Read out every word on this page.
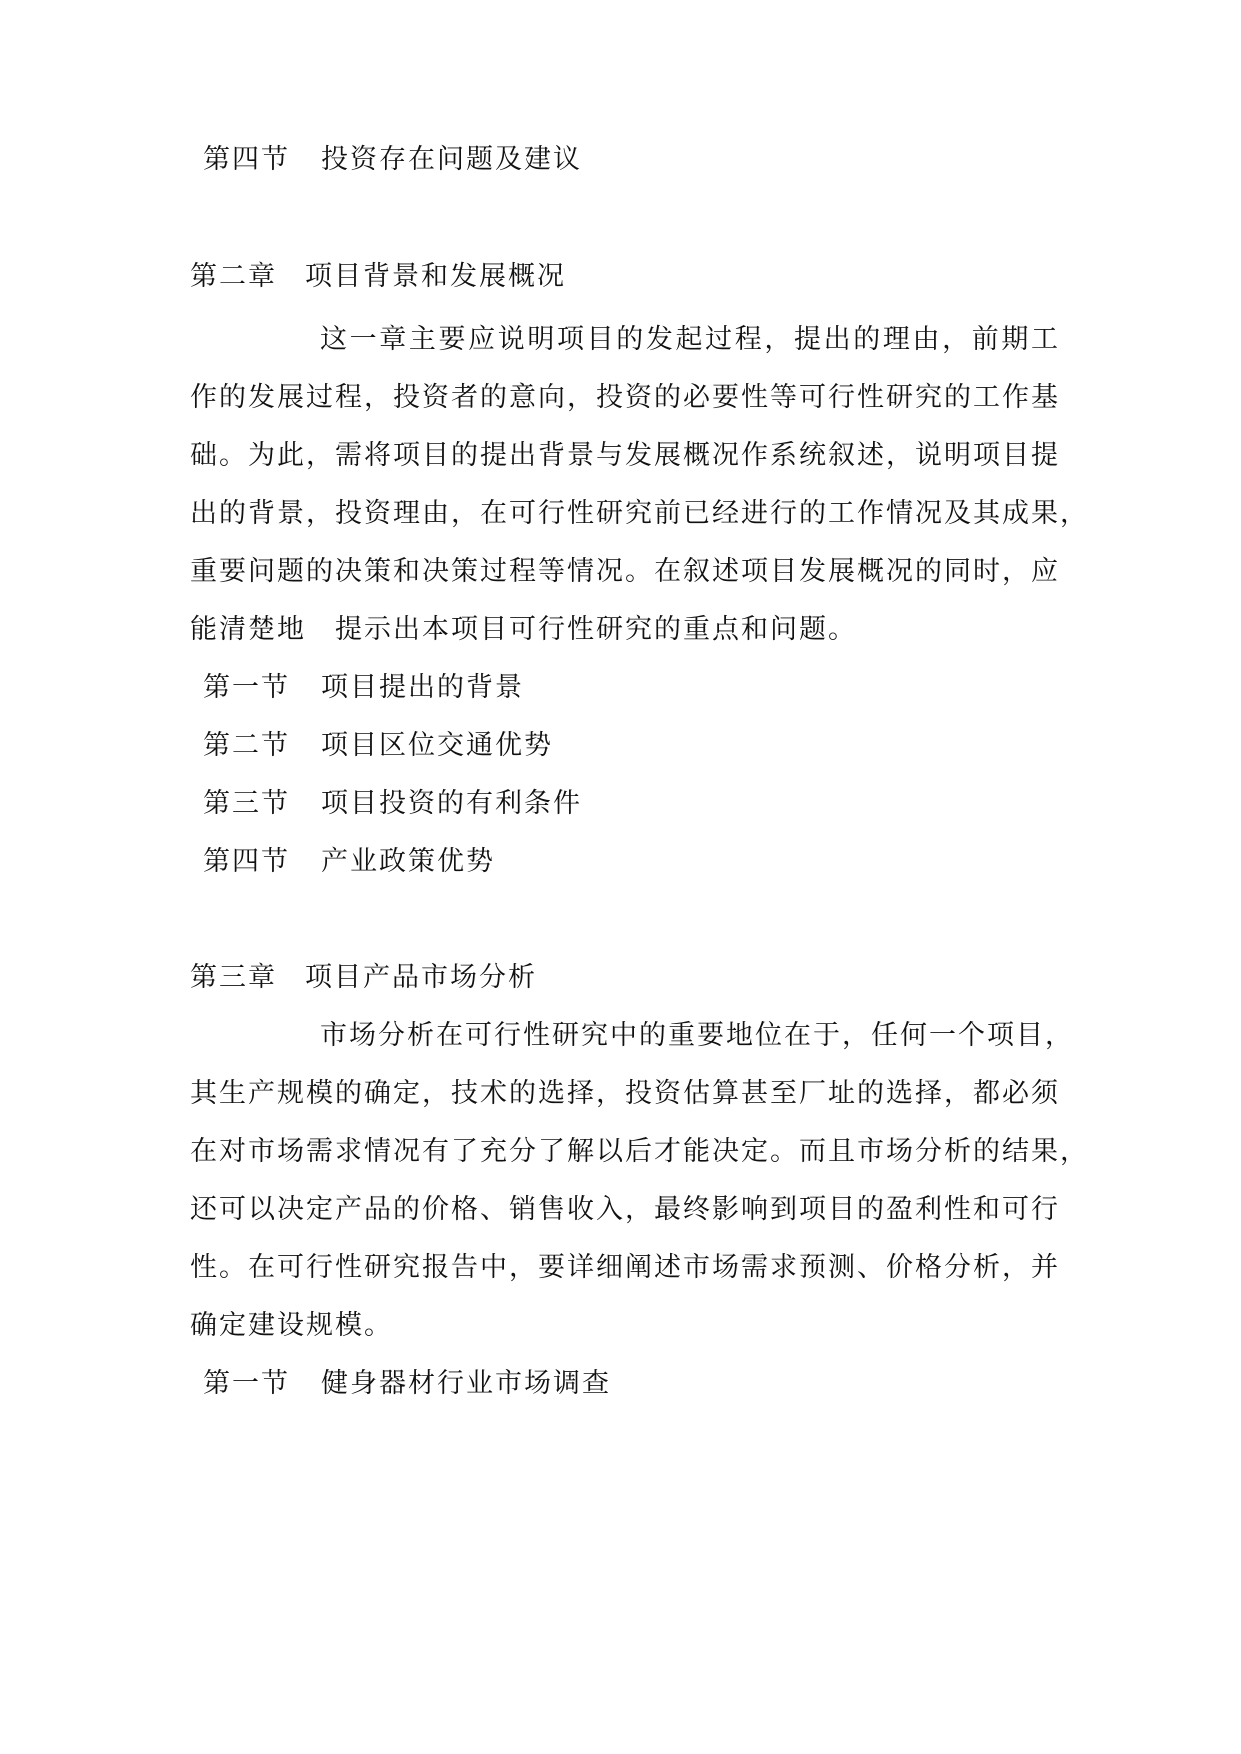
第四节 投资存在问题及建议
第二章 项目背景和发展概况
这一章主要应说明项目的发起过程，提出的理由，前期工
作的发展过程，投资者的意向，投资的必要性等可行性研究的工作基
础。为此，需将项目的提出背景与发展概况作系统叙述，说明项目提
出的背景，投资理由，在可行性研究前已经进行的工作情况及其成果，
重要问题的决策和决策过程等情况。在叙述项目发展概况的同时，应
能清楚地　提示出本项目可行性研究的重点和问题。
第一节 项目提出的背景
第二节 项目区位交通优势
第三节 项目投资的有利条件
第四节 产业政策优势
第三章 项目产品市场分析
市场分析在可行性研究中的重要地位在于，任何一个项目，
其生产规模的确定，技术的选择，投资估算甚至厂址的选择，都必须
在对市场需求情况有了充分了解以后才能决定。而且市场分析的结果，
还可以决定产品的价格、销售收入，最终影响到项目的盈利性和可行
性。在可行性研究报告中，要详细阐述市场需求预测、价格分析，并
确定建设规模。
第一节 健身器材行业市场调查
